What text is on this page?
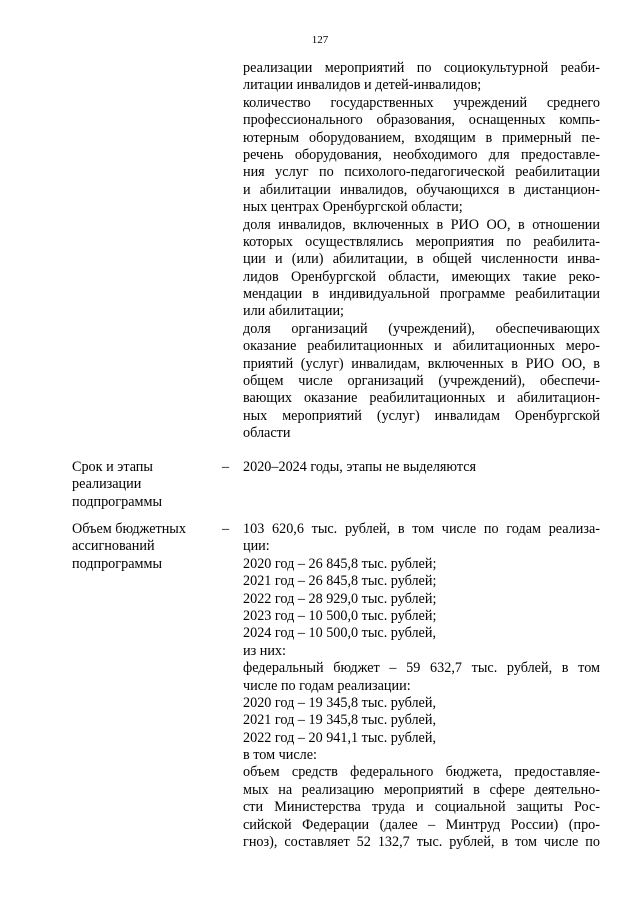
127
реализации мероприятий по социокультурной реаби-
литации инвалидов и детей-инвалидов;
количество государственных учреждений среднего
профессионального образования, оснащенных компь-
ютерным оборудованием, входящим в примерный пе-
речень оборудования, необходимого для предоставле-
ния услуг по психолого-педагогической реабилитации
и абилитации инвалидов, обучающихся в дистанцион-
ных центрах Оренбургской области;
доля инвалидов, включенных в РИО ОО, в отношении
которых осуществлялись мероприятия по реабилита-
ции и (или) абилитации, в общей численности инва-
лидов Оренбургской области, имеющих такие реко-
мендации в индивидуальной программе реабилитации
или абилитации;
доля организаций (учреждений), обеспечивающих
оказание реабилитационных и абилитационных меро-
приятий (услуг) инвалидам, включенных в РИО ОО, в
общем числе организаций (учреждений), обеспечи-
вающих оказание реабилитационных и абилитацион-
ных мероприятий (услуг) инвалидам Оренбургской
области
Срок и этапы
реализации
подпрограммы
– 2020–2024 годы, этапы не выделяются
Объем бюджетных
ассигнований
подпрограммы
– 103 620,6 тыс. рублей, в том числе по годам реализа-
ции:
2020 год – 26 845,8 тыс. рублей;
2021 год – 26 845,8 тыс. рублей;
2022 год – 28 929,0 тыс. рублей;
2023 год – 10 500,0 тыс. рублей;
2024 год – 10 500,0 тыс. рублей,
из них:
федеральный бюджет – 59 632,7 тыс. рублей, в том
числе по годам реализации:
2020 год – 19 345,8 тыс. рублей,
2021 год – 19 345,8 тыс. рублей,
2022 год – 20 941,1 тыс. рублей,
в том числе:
объем средств федерального бюджета, предоставляе-
мых на реализацию мероприятий в сфере деятельно-
сти Министерства труда и социальной защиты Рос-
сийской Федерации (далее – Минтруд России) (про-
гноз), составляет 52 132,7 тыс. рублей, в том числе по
